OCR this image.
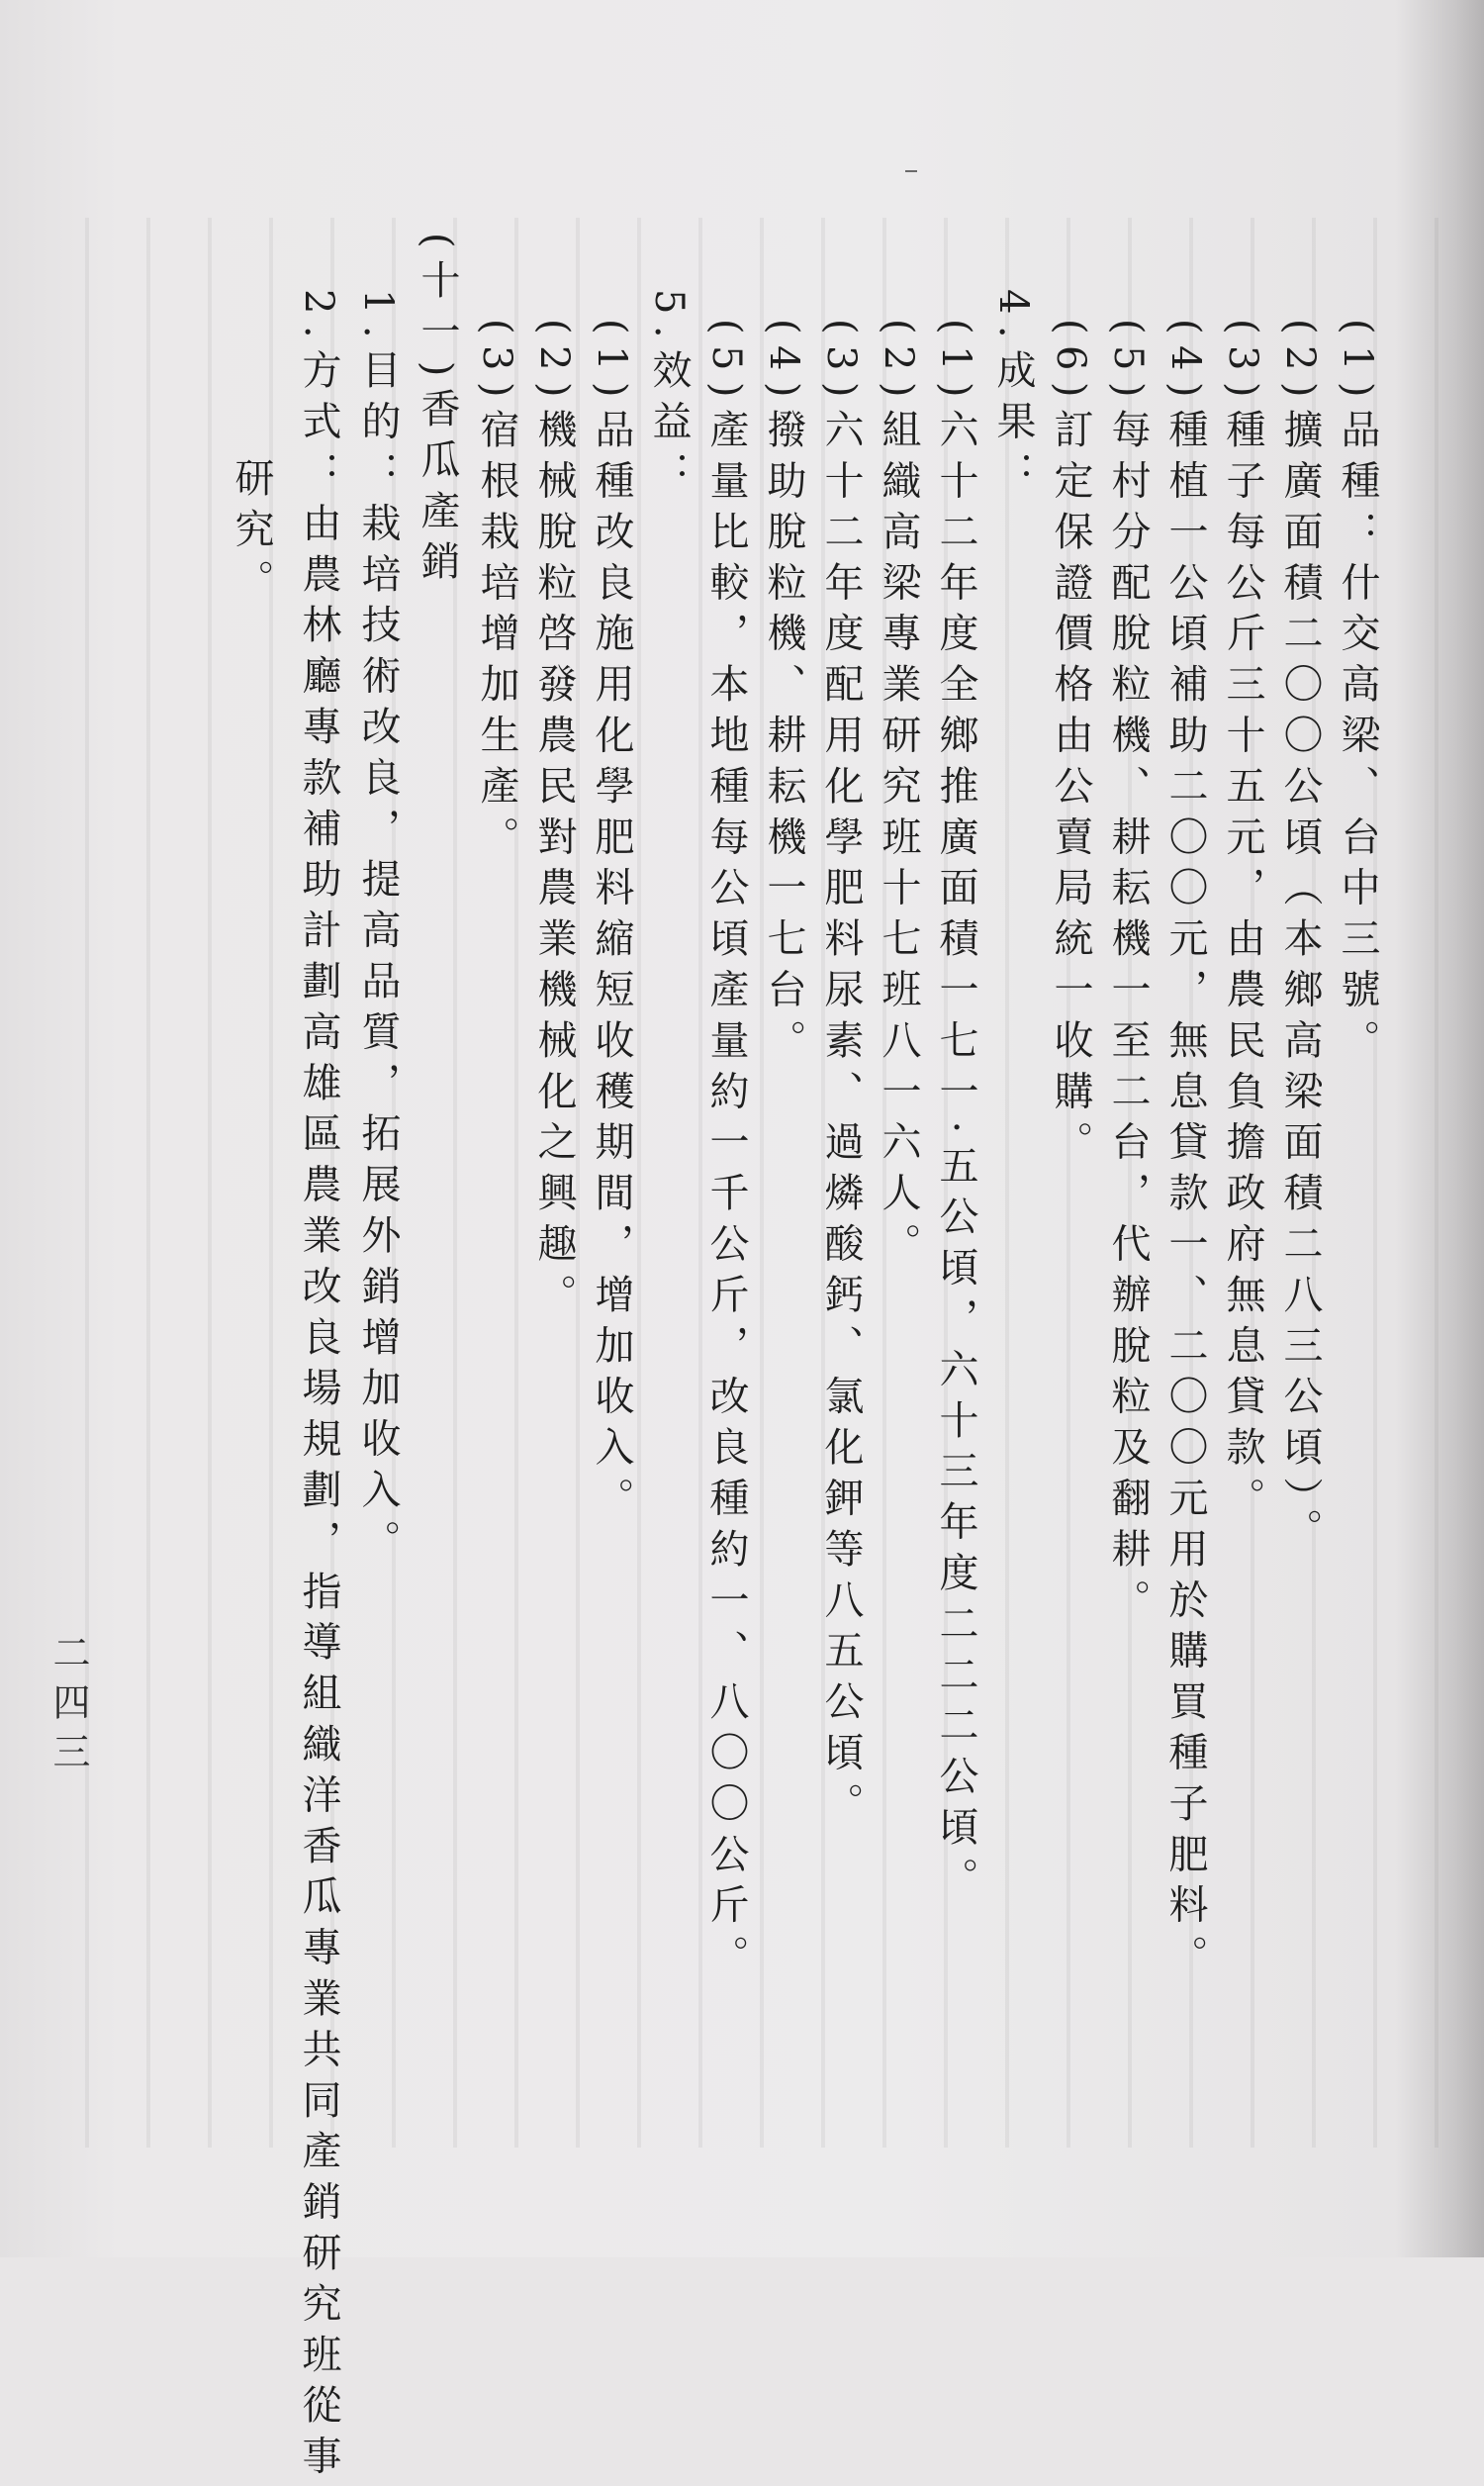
(1)品種：什交高梁、台中三號。
(2)擴廣面積二〇〇公頃（本鄉高梁面積二八三公頃）。
(3)種子每公斤三十五元，由農民負擔政府無息貸款。
(4)種植一公頃補助二〇〇元，無息貸款一、二〇〇元用於購買種子肥料。
(5)每村分配脫粒機、耕耘機一至二台，代辦脫粒及翻耕。
(6)訂定保證價格由公賣局統一收購。
4.成果：
(1)六十二年度全鄉推廣面積一七一·五公頃，六十三年度二二二公頃。
(2)組織高梁專業研究班十七班八一六人。
(3)六十二年度配用化學肥料尿素、過燐酸鈣、氯化鉀等八五公頃。
(4)撥助脫粒機、耕耘機一七台。
(5)產量比較，本地種每公頃產量約一千公斤，改良種約一、八〇〇公斤。
5.效益：
(1)品種改良施用化學肥料縮短收穫期間，增加收入。
(2)機械脫粒啓發農民對農業機械化之興趣。
(3)宿根栽培增加生產。
(十一)香瓜產銷
1.目的：栽培技術改良，提高品質，拓展外銷增加收入。
2.方式：由農林廳專款補助計劃高雄區農業改良場規劃，指導組織洋香瓜專業共同產銷研究班從事
研究。
二四三
